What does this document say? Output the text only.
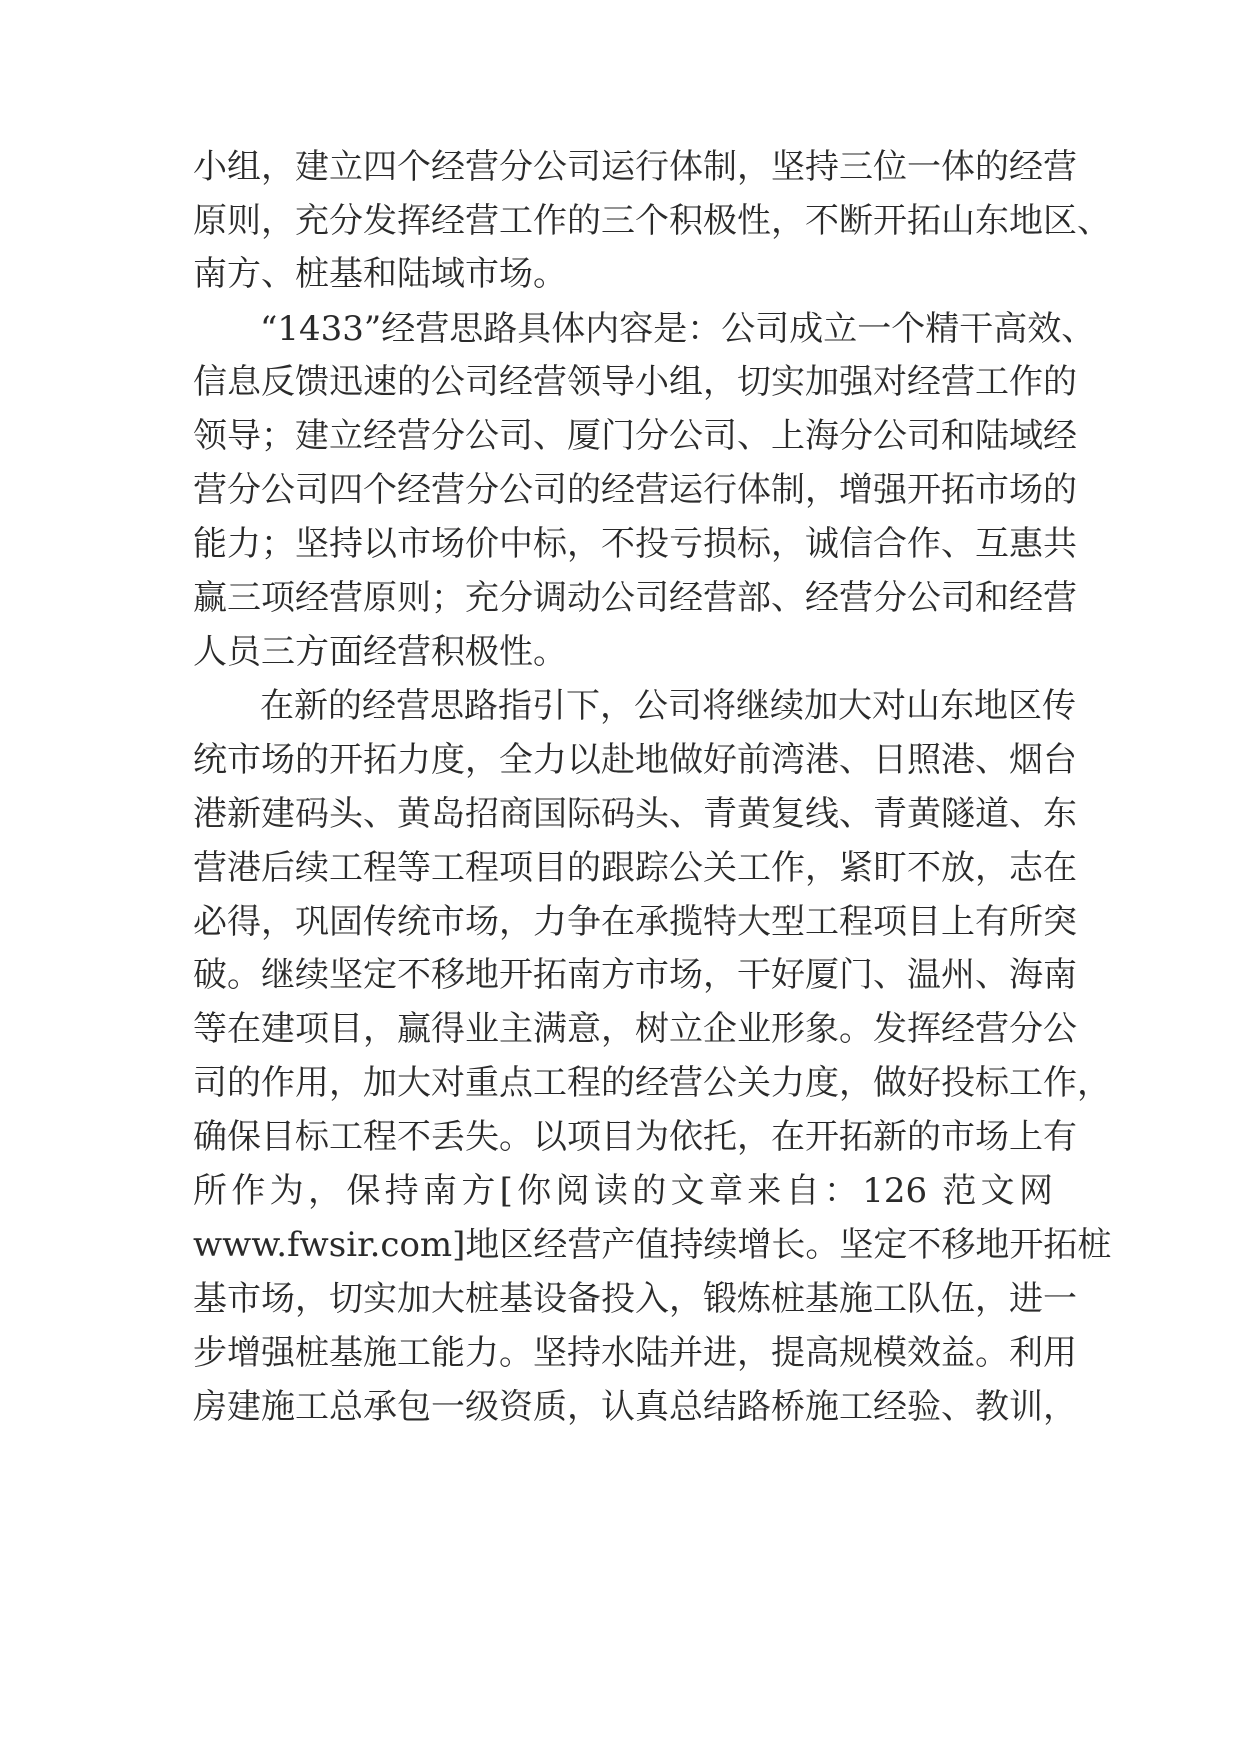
小组，建立四个经营分公司运行体制，坚持三位一体的经营
原则，充分发挥经营工作的三个积极性，不断开拓山东地区、
南方、桩基和陆域市场。
“1433”经营思路具体内容是：公司成立一个精干高效、
信息反馈迅速的公司经营领导小组，切实加强对经营工作的
领导；建立经营分公司、厦门分公司、上海分公司和陆域经
营分公司四个经营分公司的经营运行体制，增强开拓市场的
能力；坚持以市场价中标，不投亏损标，诚信合作、互惠共
赢三项经营原则；充分调动公司经营部、经营分公司和经营
人员三方面经营积极性。
在新的经营思路指引下，公司将继续加大对山东地区传
统市场的开拓力度，全力以赴地做好前湾港、日照港、烟台
港新建码头、黄岛招商国际码头、青黄复线、青黄隧道、东
营港后续工程等工程项目的跟踪公关工作，紧盯不放，志在
必得，巩固传统市场，力争在承揽特大型工程项目上有所突
破。继续坚定不移地开拓南方市场，干好厦门、温州、海南
等在建项目，赢得业主满意，树立企业形象。发挥经营分公
司的作用，加大对重点工程的经营公关力度，做好投标工作，
确保目标工程不丢失。以项目为依托，在开拓新的市场上有
所作为，保持南方[你阅读的文章来自：126 范文网
www.fwsir.com]地区经营产值持续增长。坚定不移地开拓桩
基市场，切实加大桩基设备投入，锻炼桩基施工队伍，进一
步增强桩基施工能力。坚持水陆并进，提高规模效益。利用
房建施工总承包一级资质，认真总结路桥施工经验、教训，
